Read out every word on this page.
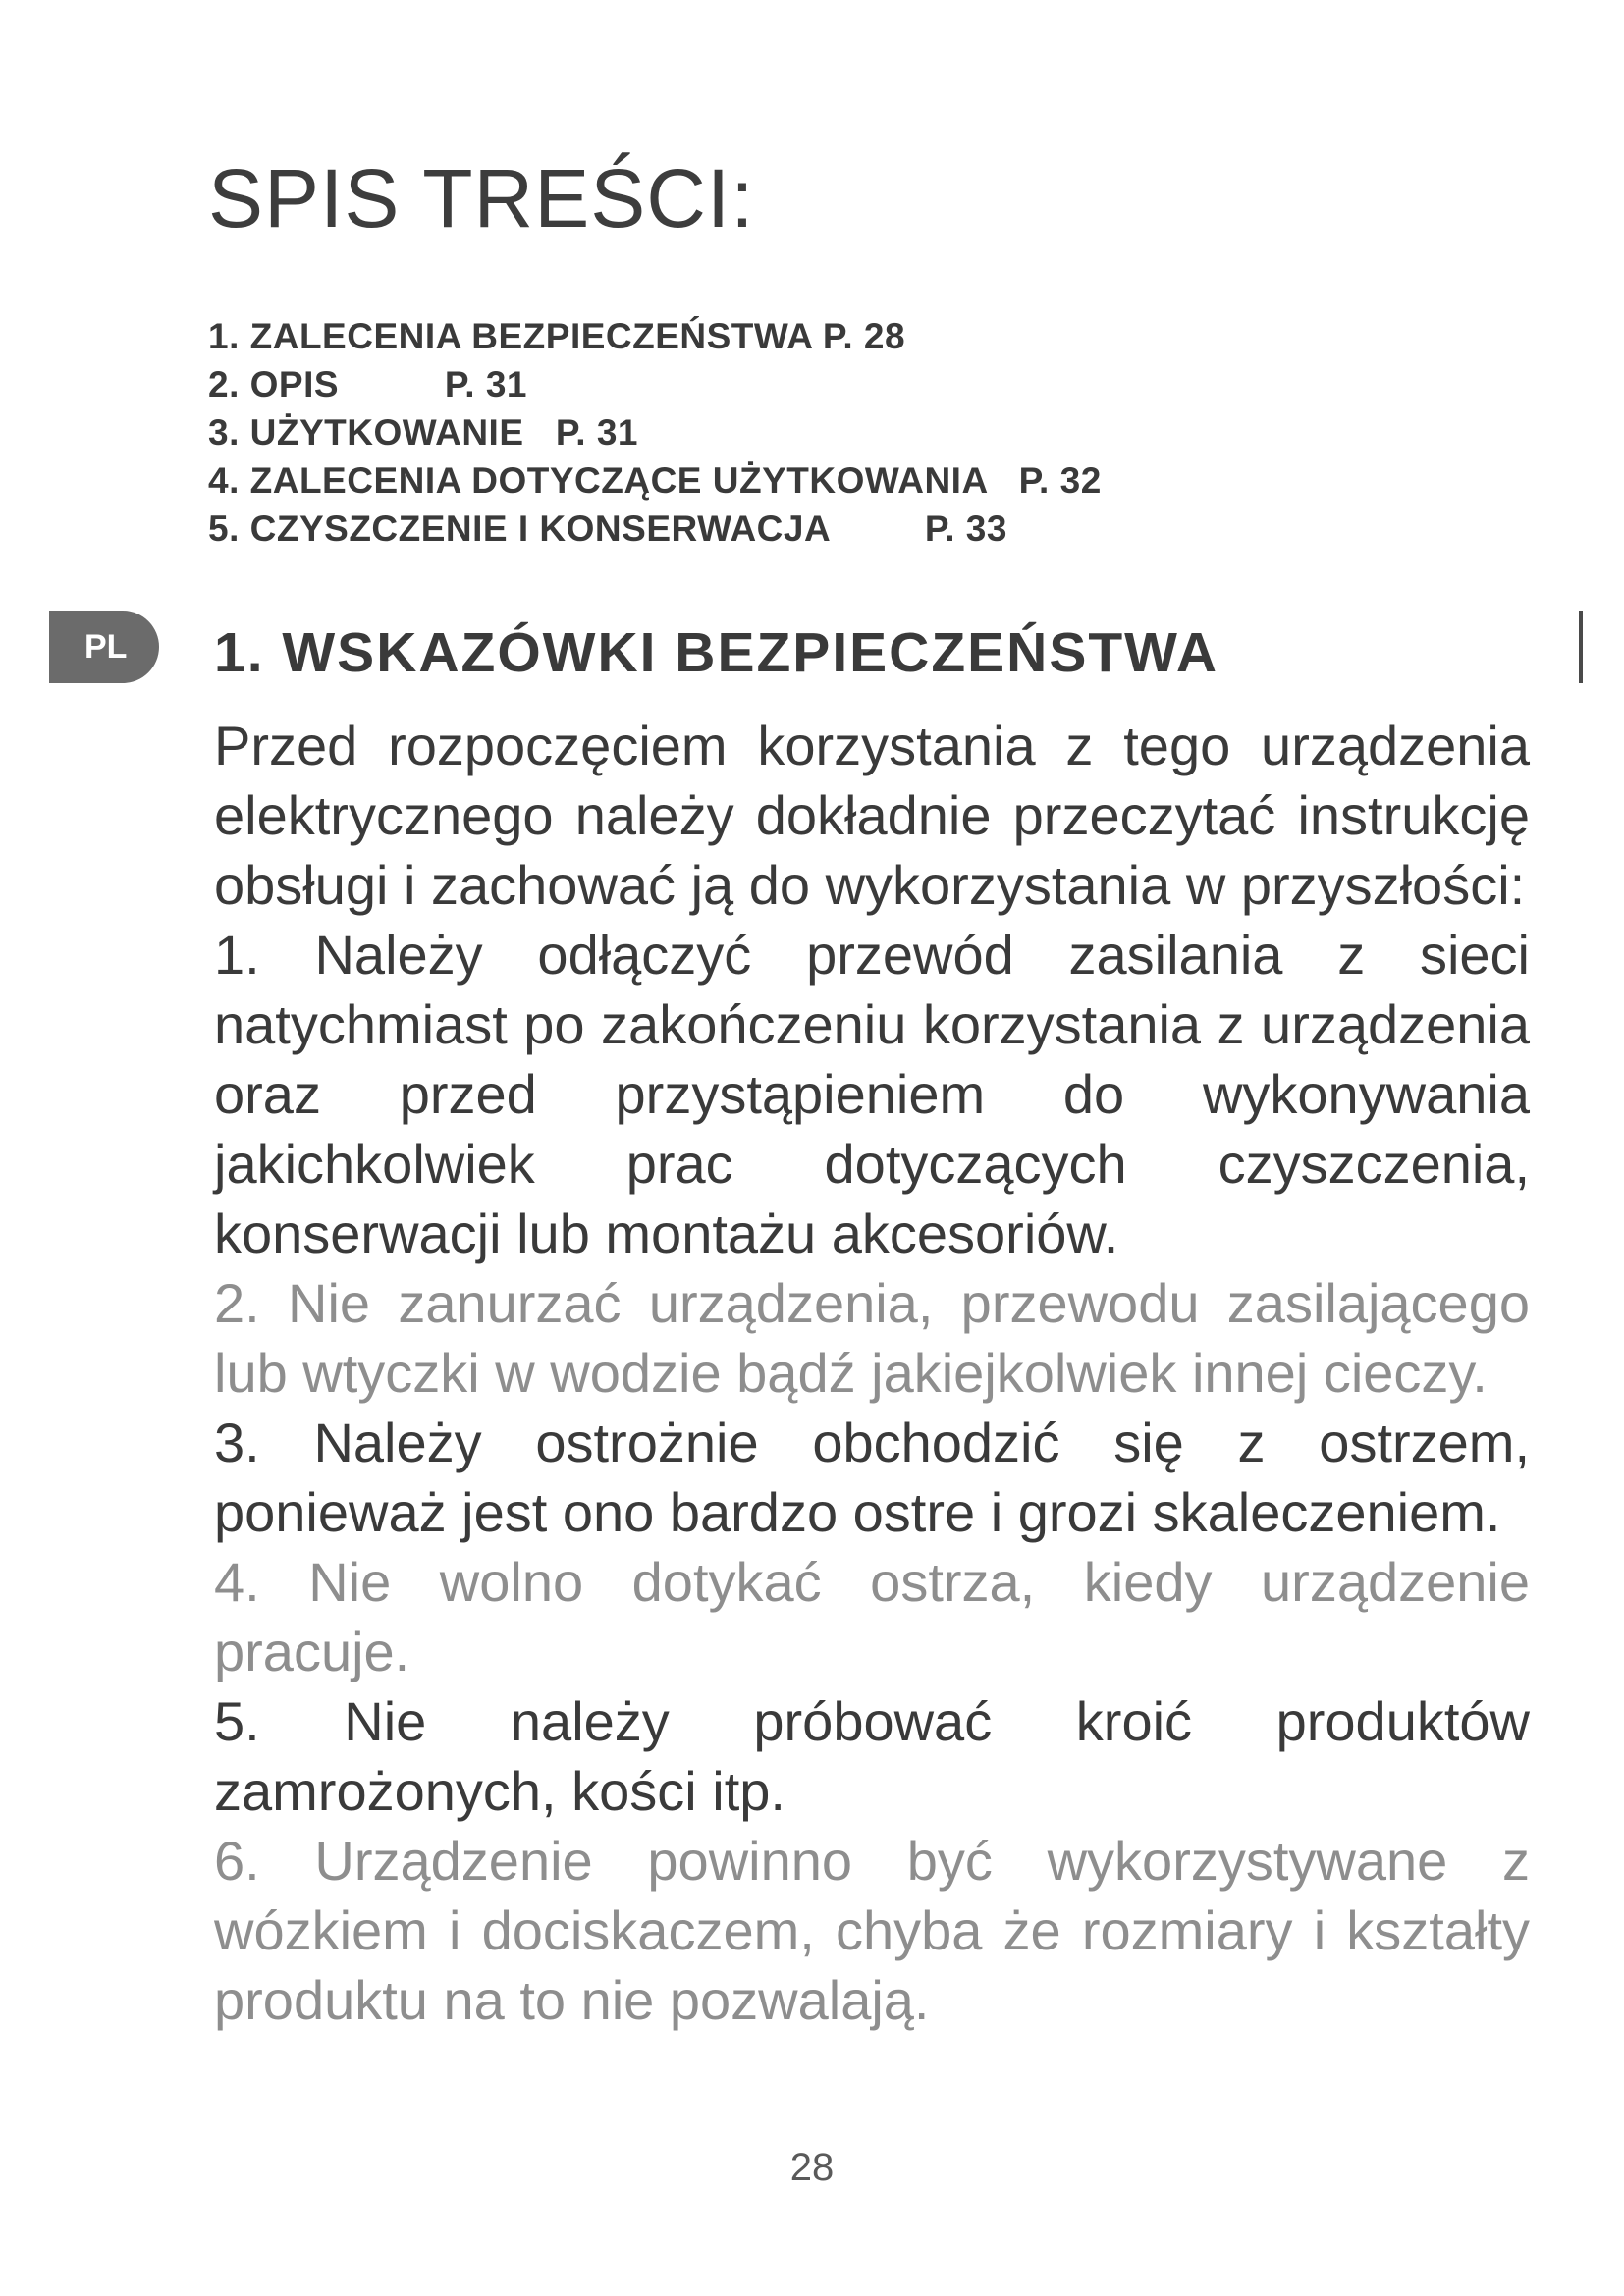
SPIS TREŚCI:
1. ZALECENIA BEZPIECZEŃSTWA P. 28
2. OPIS          P. 31
3. UŻYTKOWANIE   P. 31
4. ZALECENIA DOTYCZĄCE UŻYTKOWANIA   P. 32
5. CZYSZCZENIE I KONSERWACJA         P. 33
PL	1. WSKAZÓWKI BEZPIECZEŃSTWA

Przed rozpoczęciem korzystania z tego urządzenia elektrycznego należy dokładnie przeczytać instrukcję obsługi i zachować ją do wykorzystania w przyszłości:

1. Należy odłączyć przewód zasilania z sieci natychmiast po zakończeniu korzystania z urządzenia oraz przed przystąpieniem do wykonywania jakichkolwiek prac dotyczących czyszczenia, konserwacji lub montażu akcesoriów.

2. Nie zanurzać urządzenia, przewodu zasilającego lub wtyczki w wodzie bądź jakiejkolwiek innej cieczy.

3. Należy ostrożnie obchodzić się z ostrzem, ponieważ jest ono bardzo ostre i grozi skaleczeniem.

4. Nie wolno dotykać ostrza, kiedy urządzenie pracuje.

5. Nie należy próbować kroić produktów zamrożonych, kości itp.

6. Urządzenie powinno być wykorzystywane z wózkiem i dociskaczem, chyba że rozmiary i kształty produktu na to nie pozwalają.

28
